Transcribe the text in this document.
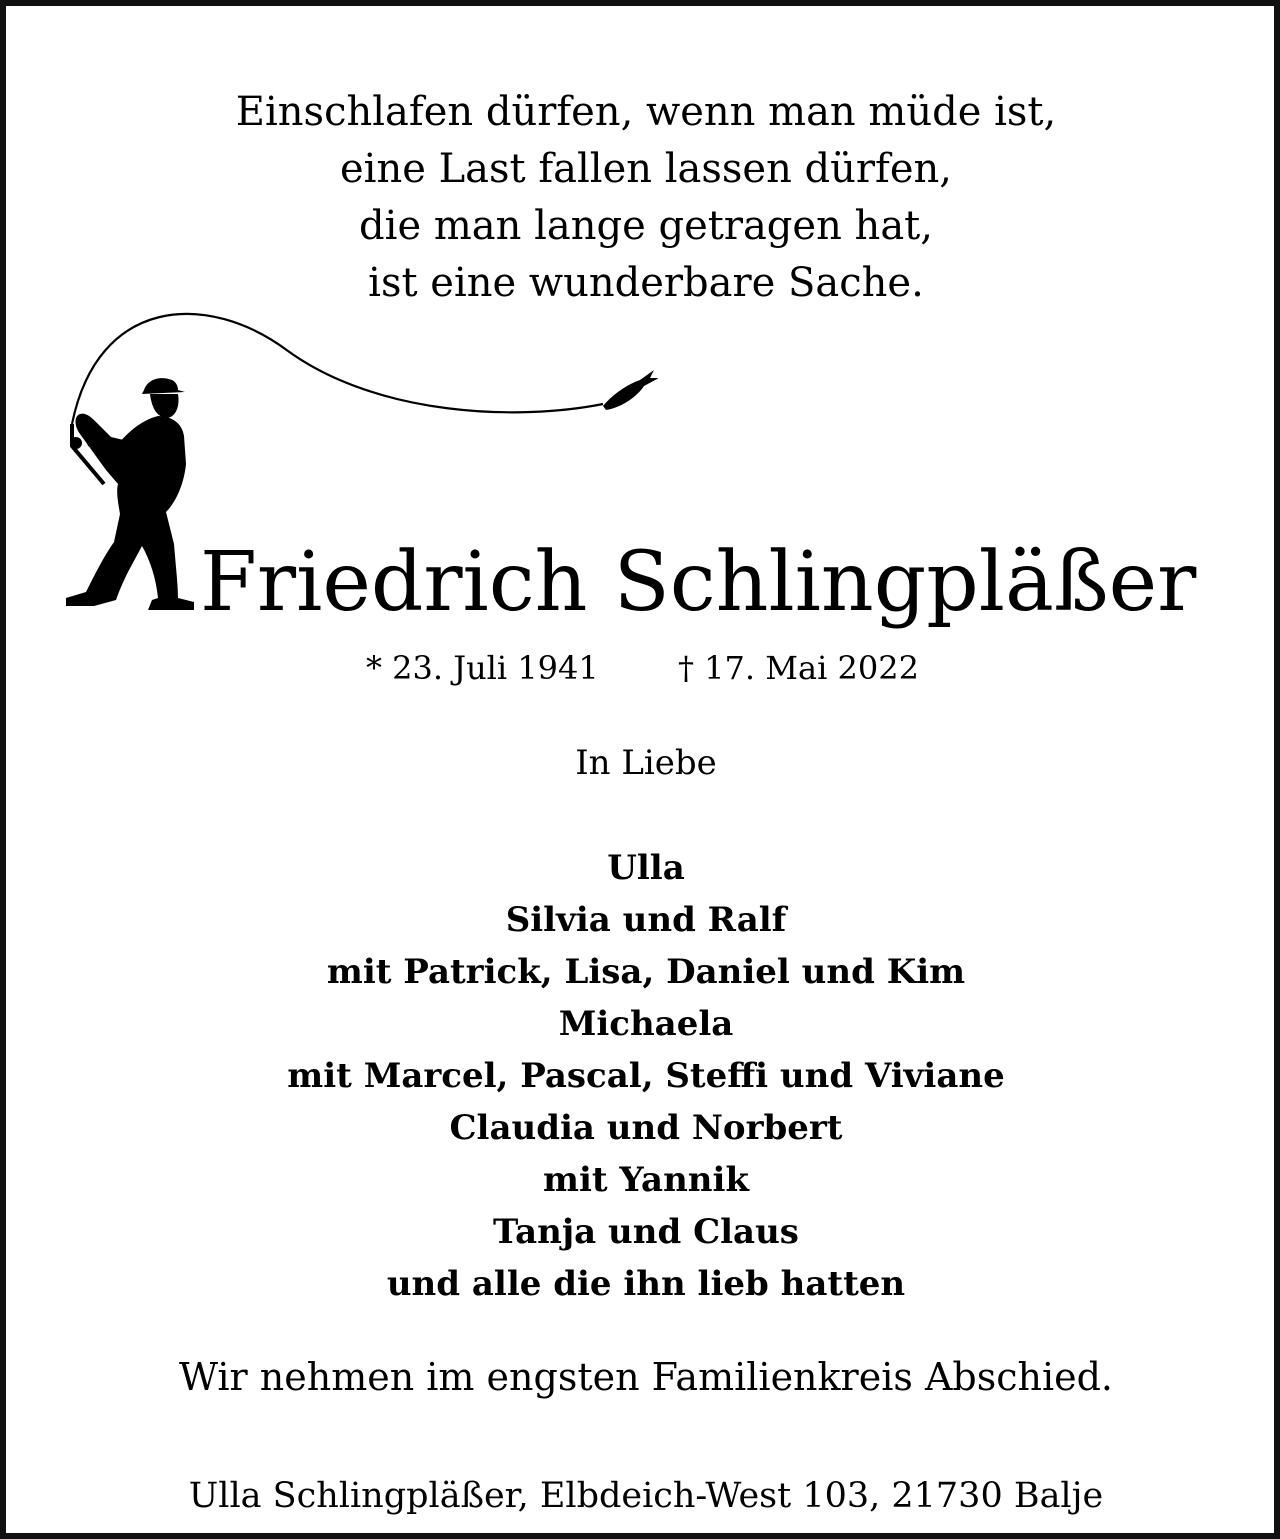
Einschlafen dürfen, wenn man müde ist,
eine Last fallen lassen dürfen,
die man lange getragen hat,
ist eine wunderbare Sache.
Friedrich Schlingpläßer
* 23. Juli 1941 † 17. Mai 2022
In Liebe
Ulla
Silvia und Ralf
mit Patrick, Lisa, Daniel und Kim
Michaela
mit Marcel, Pascal, Steffi und Viviane
Claudia und Norbert
mit Yannik
Tanja und Claus
und alle die ihn lieb hatten
Wir nehmen im engsten Familienkreis Abschied.
Ulla Schlingpläßer, Elbdeich-West 103, 21730 Balje
